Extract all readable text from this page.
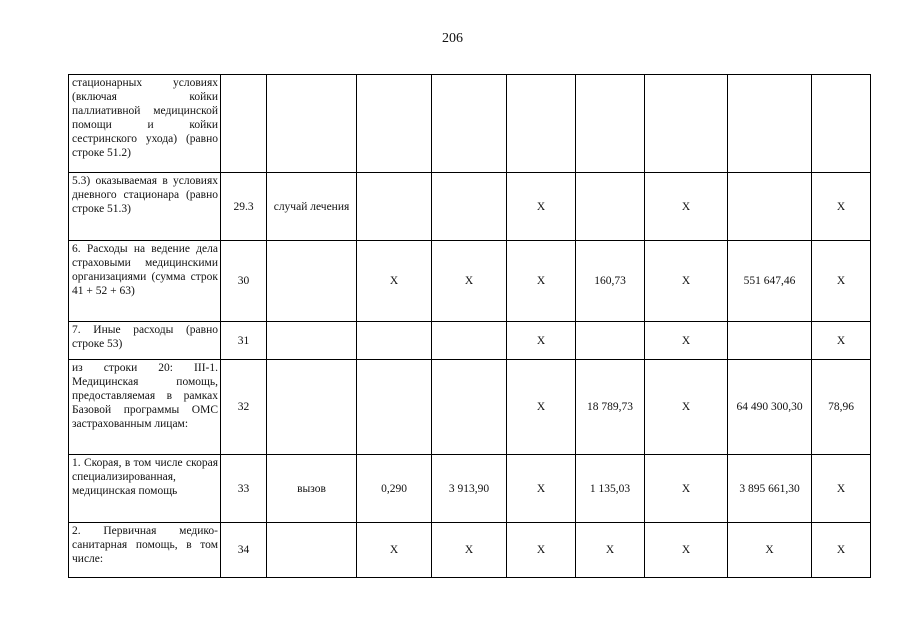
206
стационарных условиях (включая койки паллиативной медицинской помощи и койки сестринского ухода) (равно строке 51.2)									
5.3) оказываемая в условиях дневного стационара (равно строке 51.3)	29.3	случай лечения			Х		Х		Х
6. Расходы на ведение дела страховыми медицинскими организациями (сумма строк 41 + 52 + 63)	30		Х	Х	Х	160,73	Х	551 647,46	Х
7. Иные расходы (равно строке 53)	31				Х		Х		Х
из строки 20: III-1. Медицинская помощь, предоставляемая в рамках Базовой программы ОМС застрахованным лицам:	32				Х	18 789,73	Х	64 490 300,30	78,96
1. Скорая, в том числе скорая специализированная, медицинская помощь	33	вызов	0,290	3 913,90	Х	1 135,03	Х	3 895 661,30	Х
2. Первичная медико-санитарная помощь, в том числе:	34		Х	Х	Х	Х	Х	Х	Х
